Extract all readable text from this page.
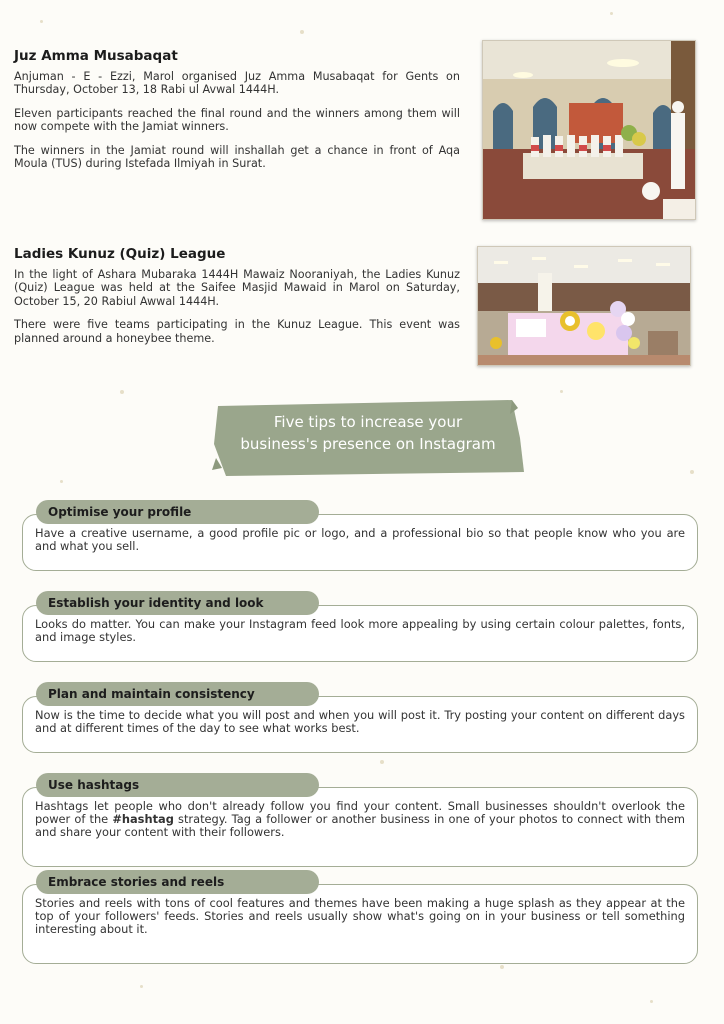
Juz Amma Musabaqat

Anjuman - E - Ezzi, Marol organised Juz Amma Musabaqat for Gents on Thursday, October 13, 18 Rabi ul Avwal 1444H.

Eleven participants reached the final round and the winners among them will now compete with the Jamiat winners.

The winners in the Jamiat round will inshallah get a chance in front of Aqa Moula (TUS) during Istefada Ilmiyah in Surat.

Ladies Kunuz (Quiz) League

In the light of Ashara Mubaraka 1444H Mawaiz Nooraniyah, the Ladies Kunuz (Quiz) League was held at the Saifee Masjid Mawaid in Marol on Saturday, October 15, 20 Rabiul Awwal 1444H.

There were five teams participating in the Kunuz League. This event was planned around a honeybee theme.

Five tips to increase your
business's presence on Instagram
Optimise your profile
Have a creative username, a good profile pic or logo, and a professional bio so that people know who you are and what you sell.
Establish your identity and look
Looks do matter. You can make your Instagram feed look more appealing by using certain colour palettes, fonts, and image styles.
Plan and maintain consistency
Now is the time to decide what you will post and when you will post it. Try posting your content on different days and at different times of the day to see what works best.
Use hashtags
Hashtags let people who don't already follow you find your content. Small businesses shouldn't overlook the power of the #hashtag strategy. Tag a follower or another business in one of your photos to connect with them and share your content with their followers.
Embrace stories and reels
Stories and reels with tons of cool features and themes have been making a huge splash as they appear at the top of your followers' feeds. Stories and reels usually show what's going on in your business or tell something interesting about it.
